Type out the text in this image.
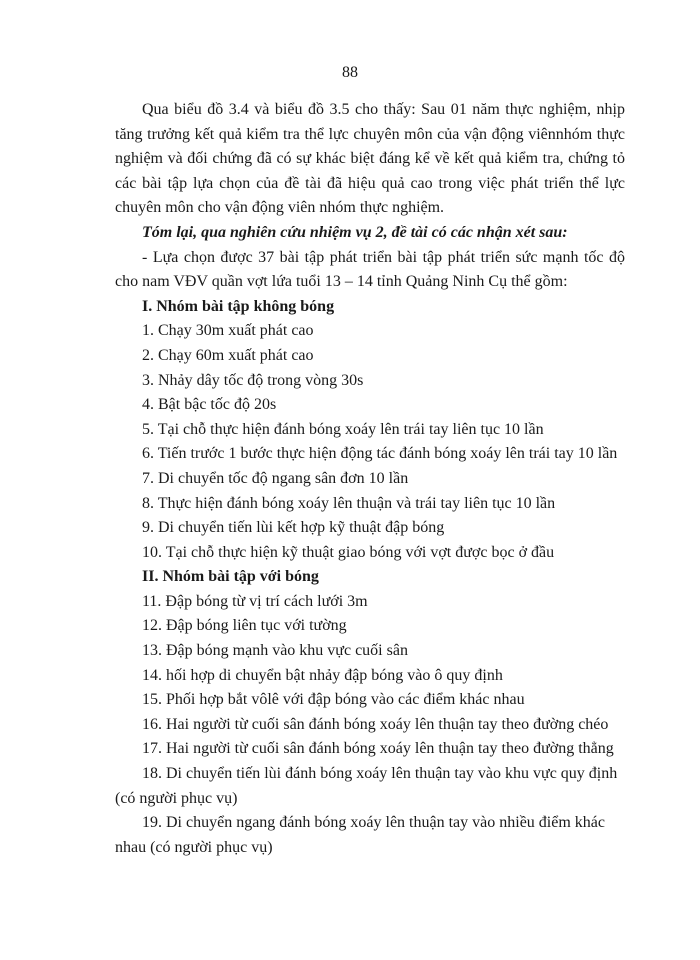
88

Qua biểu đồ 3.4 và biểu đồ 3.5 cho thấy: Sau 01 năm thực nghiệm, nhịp tăng trưởng kết quả kiểm tra thể lực chuyên môn của vận động viênnhóm thực nghiệm và đối chứng đã có sự khác biệt đáng kể về kết quả kiểm tra, chứng tỏ các bài tập lựa chọn của đề tài đã hiệu quả cao trong việc phát triển thể lực chuyên môn cho vận động viên nhóm thực nghiệm.

Tóm lại, qua nghiên cứu nhiệm vụ 2, đề tài có các nhận xét sau:

- Lựa chọn được 37 bài tập phát triển bài tập phát triển sức mạnh tốc độ cho nam VĐV quần vợt lứa tuổi 13 – 14 tỉnh Quảng Ninh Cụ thể gồm:

I. Nhóm bài tập không bóng

1. Chạy 30m xuất phát cao

2. Chạy 60m xuất phát cao

3. Nhảy dây tốc độ trong vòng 30s

4. Bật bậc tốc độ 20s

5. Tại chỗ thực hiện đánh bóng xoáy lên trái tay liên tục 10 lần

6. Tiến trước 1 bước thực hiện động tác đánh bóng xoáy lên trái tay 10 lần

7. Di chuyển tốc độ ngang sân đơn 10 lần

8. Thực hiện đánh bóng xoáy lên thuận và trái tay liên tục 10 lần

9. Di chuyển tiến lùi kết hợp kỹ thuật đập bóng

10. Tại chỗ thực hiện kỹ thuật giao bóng với vợt được bọc ở đầu

II. Nhóm bài tập với bóng

11. Đập bóng từ vị trí cách lưới 3m

12. Đập bóng liên tục với tường

13. Đập bóng mạnh vào khu vực cuối sân

14. hối hợp di chuyển bật nhảy đập bóng vào ô quy định

15. Phối hợp bắt vôlê với đập bóng vào các điểm khác nhau

16. Hai người từ cuối sân đánh bóng xoáy lên thuận tay theo đường chéo

17. Hai người từ cuối sân đánh bóng xoáy lên thuận tay theo đường thẳng

18. Di chuyển tiến lùi đánh bóng xoáy lên thuận tay vào khu vực quy định (có người phục vụ)

19. Di chuyển ngang đánh bóng xoáy lên thuận tay vào nhiều điểm khác nhau (có người phục vụ)
